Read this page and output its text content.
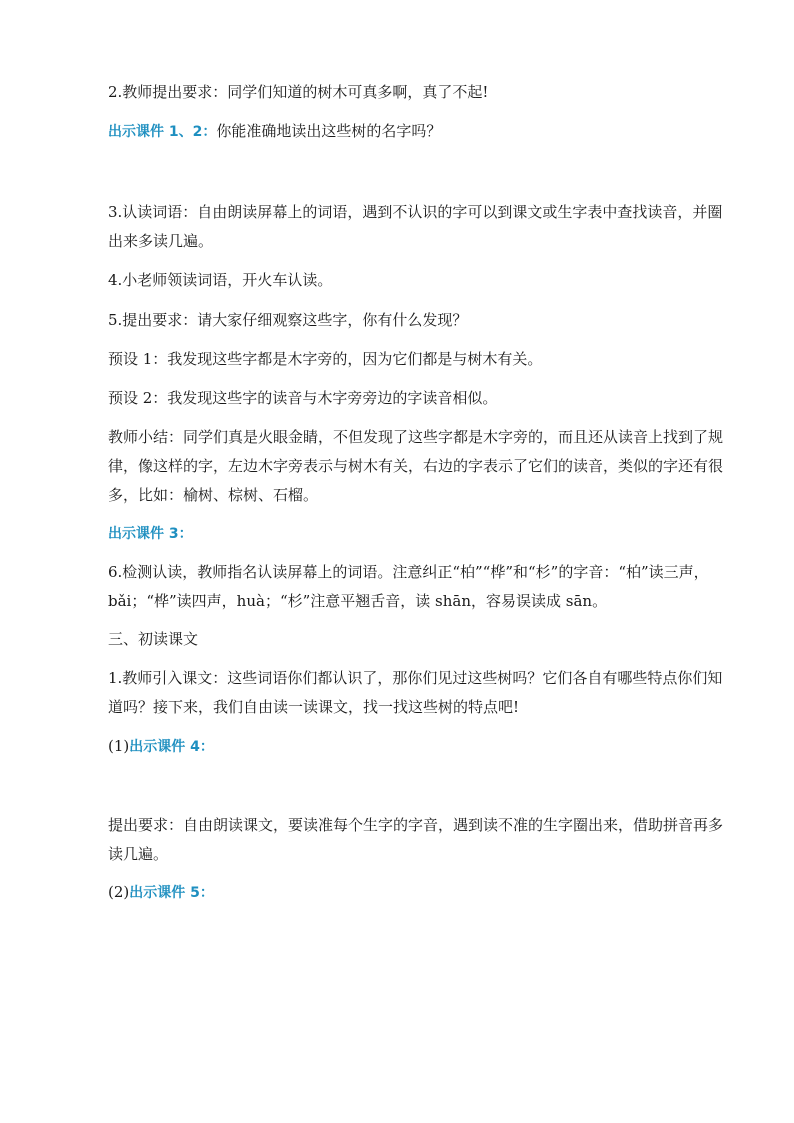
2.教师提出要求：同学们知道的树木可真多啊，真了不起!

出示课件 1、2：你能准确地读出这些树的名字吗？

3.认读词语：自由朗读屏幕上的词语，遇到不认识的字可以到课文或生字表中查找读音，并圈出来多读几遍。

4.小老师领读词语，开火车认读。

5.提出要求：请大家仔细观察这些字，你有什么发现？

预设 1：我发现这些字都是木字旁的，因为它们都是与树木有关。

预设 2：我发现这些字的读音与木字旁旁边的字读音相似。

教师小结：同学们真是火眼金睛，不但发现了这些字都是木字旁的，而且还从读音上找到了规律，像这样的字，左边木字旁表示与树木有关，右边的字表示了它们的读音，类似的字还有很多，比如：榆树、棕树、石榴。

出示课件 3：

6.检测认读，教师指名认读屏幕上的词语。注意纠正“柏”“桦”和“杉”的字音：“柏”读三声，bǎi；“桦”读四声，huà；“杉”注意平翘舌音，读 shān，容易误读成 sān。

三、初读课文

1.教师引入课文：这些词语你们都认识了，那你们见过这些树吗？它们各自有哪些特点你们知道吗？接下来，我们自由读一读课文，找一找这些树的特点吧!

(1)出示课件 4：

提出要求：自由朗读课文，要读准每个生字的字音，遇到读不准的生字圈出来，借助拼音再多读几遍。

(2)出示课件 5：
